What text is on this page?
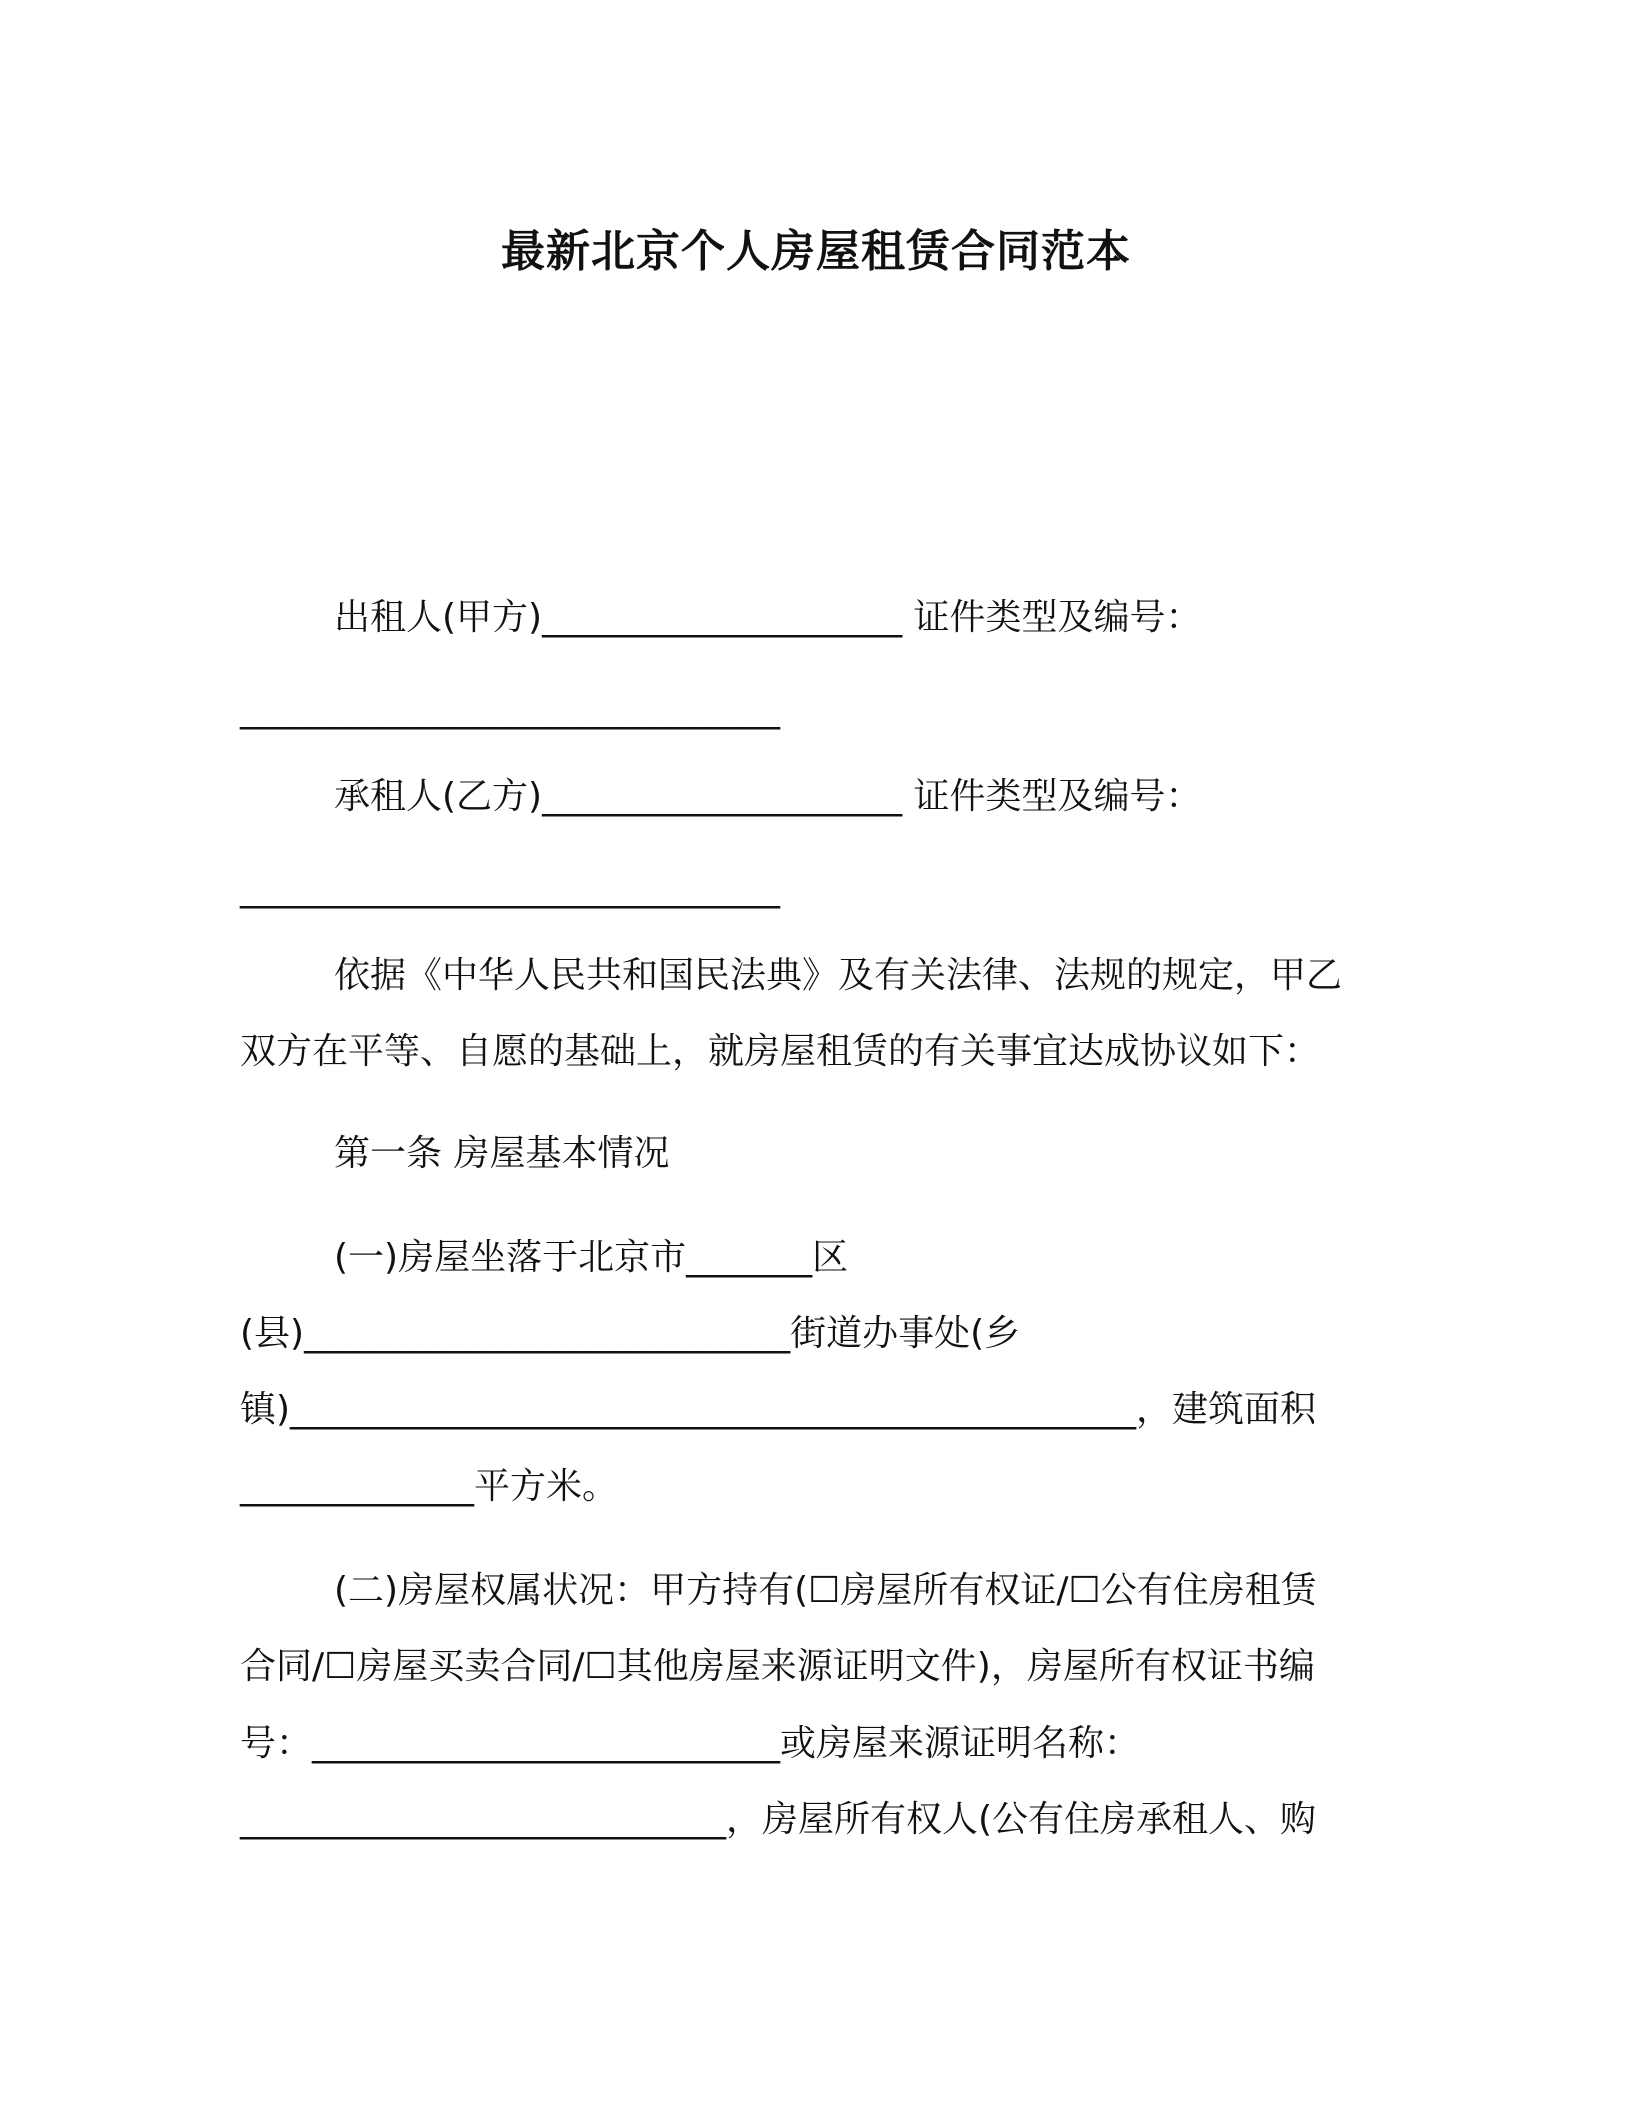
最新北京个人房屋租赁合同范本
出租人(甲方)____________________ 证件类型及编号：
______________________________
承租人(乙方)____________________ 证件类型及编号：
______________________________
依据《中华人民共和国民法典》及有关法律、法规的规定，甲乙
双方在平等、自愿的基础上，就房屋租赁的有关事宜达成协议如下：
第一条 房屋基本情况
(一)房屋坐落于北京市_______区
(县)___________________________街道办事处(乡
镇)_______________________________________________，建筑面积
_____________平方米。
(二)房屋权属状况：甲方持有(☐房屋所有权证/☐公有住房租赁
合同/☐房屋买卖合同/☐其他房屋来源证明文件)，房屋所有权证书编
号：__________________________或房屋来源证明名称：
___________________________，房屋所有权人(公有住房承租人、购
